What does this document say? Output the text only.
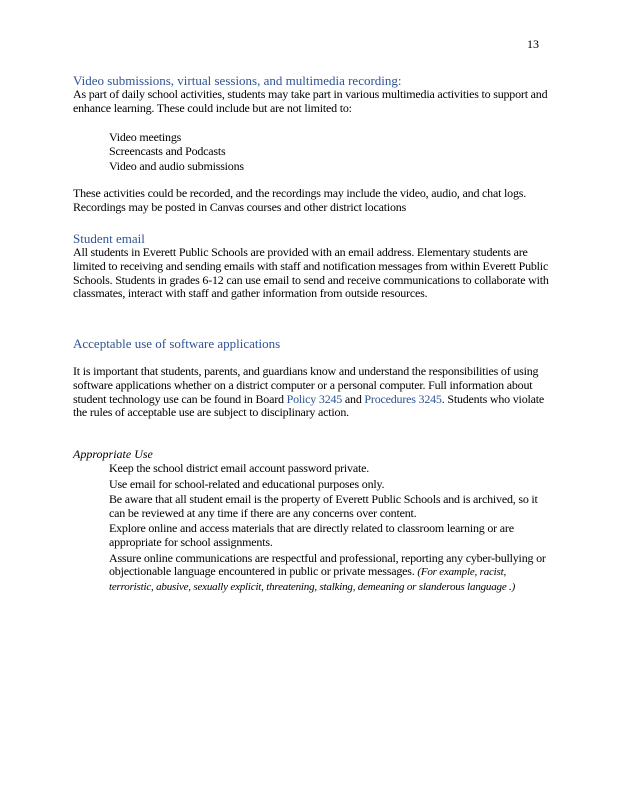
13
Video submissions, virtual sessions, and multimedia recording:
As part of daily school activities, students may take part in various multimedia activities to support and enhance learning. These could include but are not limited to:
Video meetings
Screencasts and Podcasts
Video and audio submissions
These activities could be recorded, and the recordings may include the video, audio, and chat logs. Recordings may be posted in Canvas courses and other district locations
Student email
All students in Everett Public Schools are provided with an email address. Elementary students are limited to receiving and sending emails with staff and notification messages from within Everett Public Schools. Students in grades 6-12 can use email to send and receive communications to collaborate with classmates, interact with staff and gather information from outside resources.
Acceptable use of software applications
It is important that students, parents, and guardians know and understand the responsibilities of using software applications whether on a district computer or a personal computer. Full information about student technology use can be found in Board Policy 3245 and Procedures 3245. Students who violate the rules of acceptable use are subject to disciplinary action.
Appropriate Use
Keep the school district email account password private.
Use email for school-related and educational purposes only.
Be aware that all student email is the property of Everett Public Schools and is archived, so it can be reviewed at any time if there are any concerns over content.
Explore online and access materials that are directly related to classroom learning or are appropriate for school assignments.
Assure online communications are respectful and professional, reporting any cyber-bullying or objectionable language encountered in public or private messages. (For example, racist, terroristic, abusive, sexually explicit, threatening, stalking, demeaning or slanderous language .)
